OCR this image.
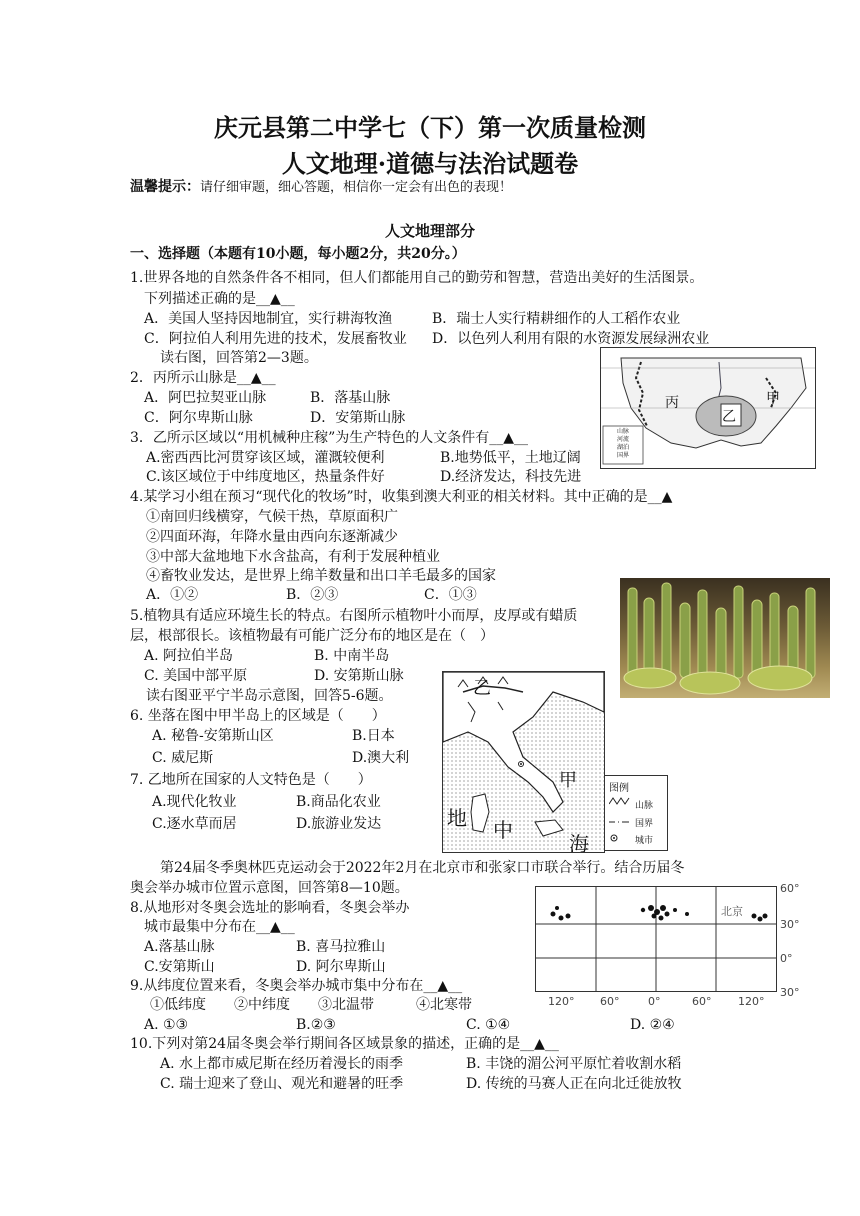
庆元县第二中学七（下）第一次质量检测
人文地理·道德与法治试题卷
温馨提示：请仔细审题，细心答题，相信你一定会有出色的表现！
人文地理部分
一、选择题（本题有10小题，每小题2分，共20分。）
1.世界各地的自然条件各不相同，但人们都能用自己的勤劳和智慧，营造出美好的生活图景。
下列描述正确的是__▲__
A．美国人坚持因地制宜，实行耕海牧渔	B．瑞士人实行精耕细作的人工稻作农业
C．阿拉伯人利用先进的技术，发展畜牧业 D．以色列人利用有限的水资源发展绿洲农业
读右图，回答第2—3题。
2．丙所示山脉是__▲__
A．阿巴拉契亚山脉	B．落基山脉
C．阿尔卑斯山脉	D．安第斯山脉
3．乙所示区域以“用机械种庄稼”为生产特色的人文条件有__▲__
A.密西西比河贯穿该区域，灌溉较便利	B.地势低平，土地辽阔
C.该区域位于中纬度地区，热量条件好	D.经济发达，科技先进
丙
乙
甲
山脉
河流
湖泊
国界
4.某学习小组在预习“现代化的牧场”时，收集到澳大利亚的相关材料。其中正确的是__▲
①南回归线横穿，气候干热，草原面积广
②四面环海，年降水量由西向东逐渐减少
③中部大盆地地下水含盐高，有利于发展种植业
④畜牧业发达，是世界上绵羊数量和出口羊毛最多的国家
A．①②	B．②③	C．①③
5.植物具有适应环境生长的特点。右图所示植物叶小而厚，皮厚或有蜡质
层，根部很长。该植物最有可能广泛分布的地区是在（　）
A. 阿拉伯半岛	B. 中南半岛
C. 美国中部平原	D. 安第斯山脉
读右图亚平宁半岛示意图，回答5-6题。
6. 坐落在图中甲半岛上的区域是（　　）
A. 秘鲁-安第斯山区	B.日本
C. 威尼斯	D.澳大利
7. 乙地所在国家的人文特色是（　　）
A.现代化牧业	B.商品化农业
C.逐水草而居	D.旅游业发达
乙
甲
地 中
海
图例
山脉
国界
城市
第24届冬季奥林匹克运动会于2022年2月在北京市和张家口市联合举行。结合历届冬
奥会举办城市位置示意图，回答第8—10题。
8.从地形对冬奥会选址的影响看，冬奥会举办
城市最集中分布在__▲__
A.落基山脉	B. 喜马拉雅山
C.安第斯山	D. 阿尔卑斯山
北京
60°
30°
0°
30°
120° 60°	0°	60° 120°
9.从纬度位置来看，冬奥会举办城市集中分布在__▲__
①低纬度　　②中纬度　　③北温带　　　④北寒带
A. ①③	B.②③	C. ①④	D. ②④
10.下列对第24届冬奥会举行期间各区域景象的描述，正确的是__▲__
A. 水上都市威尼斯在经历着漫长的雨季	B. 丰饶的湄公河平原忙着收割水稻
C. 瑞士迎来了登山、观光和避暑的旺季	D. 传统的马赛人正在向北迁徙放牧
